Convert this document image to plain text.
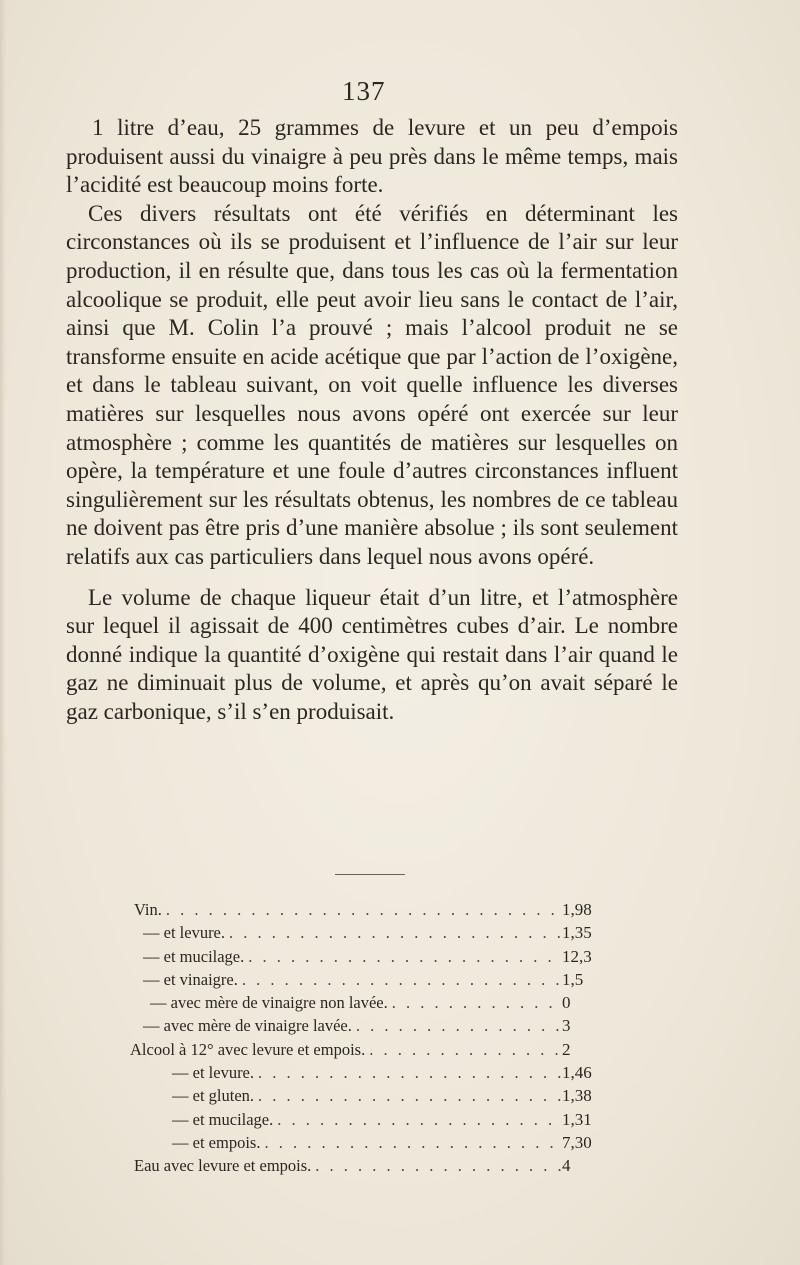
137

1 litre d’eau, 25 grammes de levure et un peu d’empois produisent aussi du vinaigre à peu près dans le même temps, mais l’acidité est beaucoup moins forte.

Ces divers résultats ont été vérifiés en déterminant les circonstances où ils se produisent et l’influence de l’air sur leur production, il en résulte que, dans tous les cas où la fermentation alcoolique se produit, elle peut avoir lieu sans le contact de l’air, ainsi que M. Colin l’a prouvé ; mais l’alcool produit ne se transforme ensuite en acide acétique que par l’action de l’oxigène, et dans le tableau suivant, on voit quelle influence les diverses matières sur lesquelles nous avons opéré ont exercée sur leur atmosphère ; comme les quantités de matières sur lesquelles on opère, la température et une foule d’autres circonstances influent singulièrement sur les résultats obtenus, les nombres de ce tableau ne doivent pas être pris d’une manière absolue ; ils sont seulement relatifs aux cas particuliers dans lequel nous avons opéré.

Le volume de chaque liqueur était d’un litre, et l’atmosphère sur lequel il agissait de 400 centimètres cubes d’air. Le nombre donné indique la quantité d’oxigène qui restait dans l’air quand le gaz ne diminuait plus de volume, et après qu’on avait séparé le gaz carbonique, s’il s’en produisait.

Vin. . . .	1,98
— et levure. . . .	1,35
— et mucilage. . . .	12,3
— et vinaigre. . . .	1,5
— avec mère de vinaigre non lavée. . . .	0
— avec mère de vinaigre lavée. . . .	3
Alcool à 12° avec levure et empois. . . .	2
— et levure. . . .	1,46
— et gluten. . . .	1,38
— et mucilage. . . .	1,31
— et empois. . . .	7,30
Eau avec levure et empois. . . .	4
